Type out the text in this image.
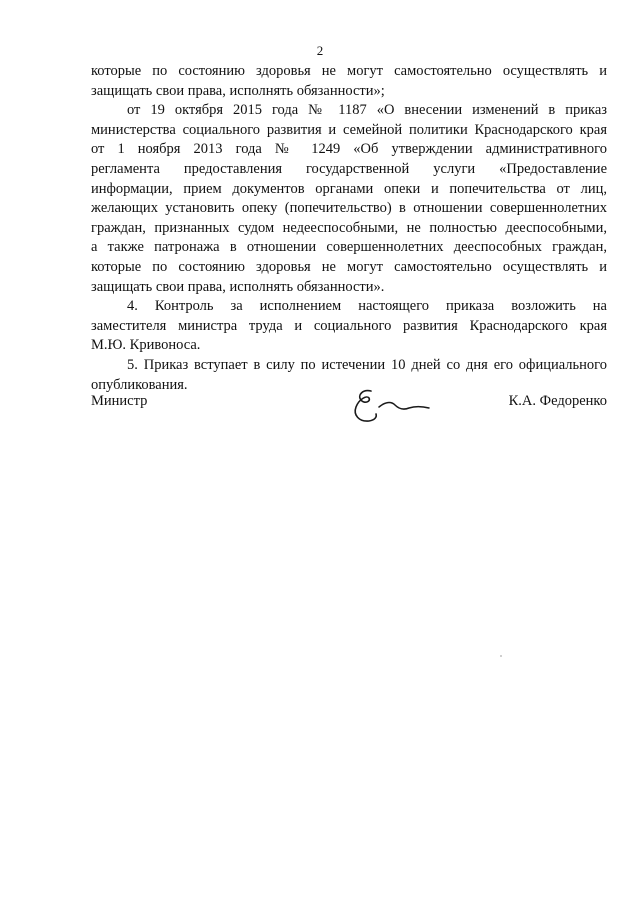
2

которые по состоянию здоровья не могут самостоятельно осуществлять и
защищать свои права, исполнять обязанности»;

от 19 октября 2015 года № 1187 «О внесении изменений в приказ
министерства социального развития и семейной политики Краснодарского края
от 1 ноября 2013 года № 1249 «Об утверждении административного
регламента предоставления государственной услуги «Предоставление
информации, прием документов органами опеки и попечительства от лиц,
желающих установить опеку (попечительство) в отношении совершеннолетних
граждан, признанных судом недееспособными, не полностью дееспособными,
а также патронажа в отношении совершеннолетних дееспособных граждан,
которые по состоянию здоровья не могут самостоятельно осуществлять и
защищать свои права, исполнять обязанности».

4. Контроль за исполнением настоящего приказа возложить на
заместителя министра труда и социального развития Краснодарского края
М.Ю. Кривоноса.

5. Приказ вступает в силу по истечении 10 дней со дня его официального
опубликования.

Министр	К.А. Федоренко
